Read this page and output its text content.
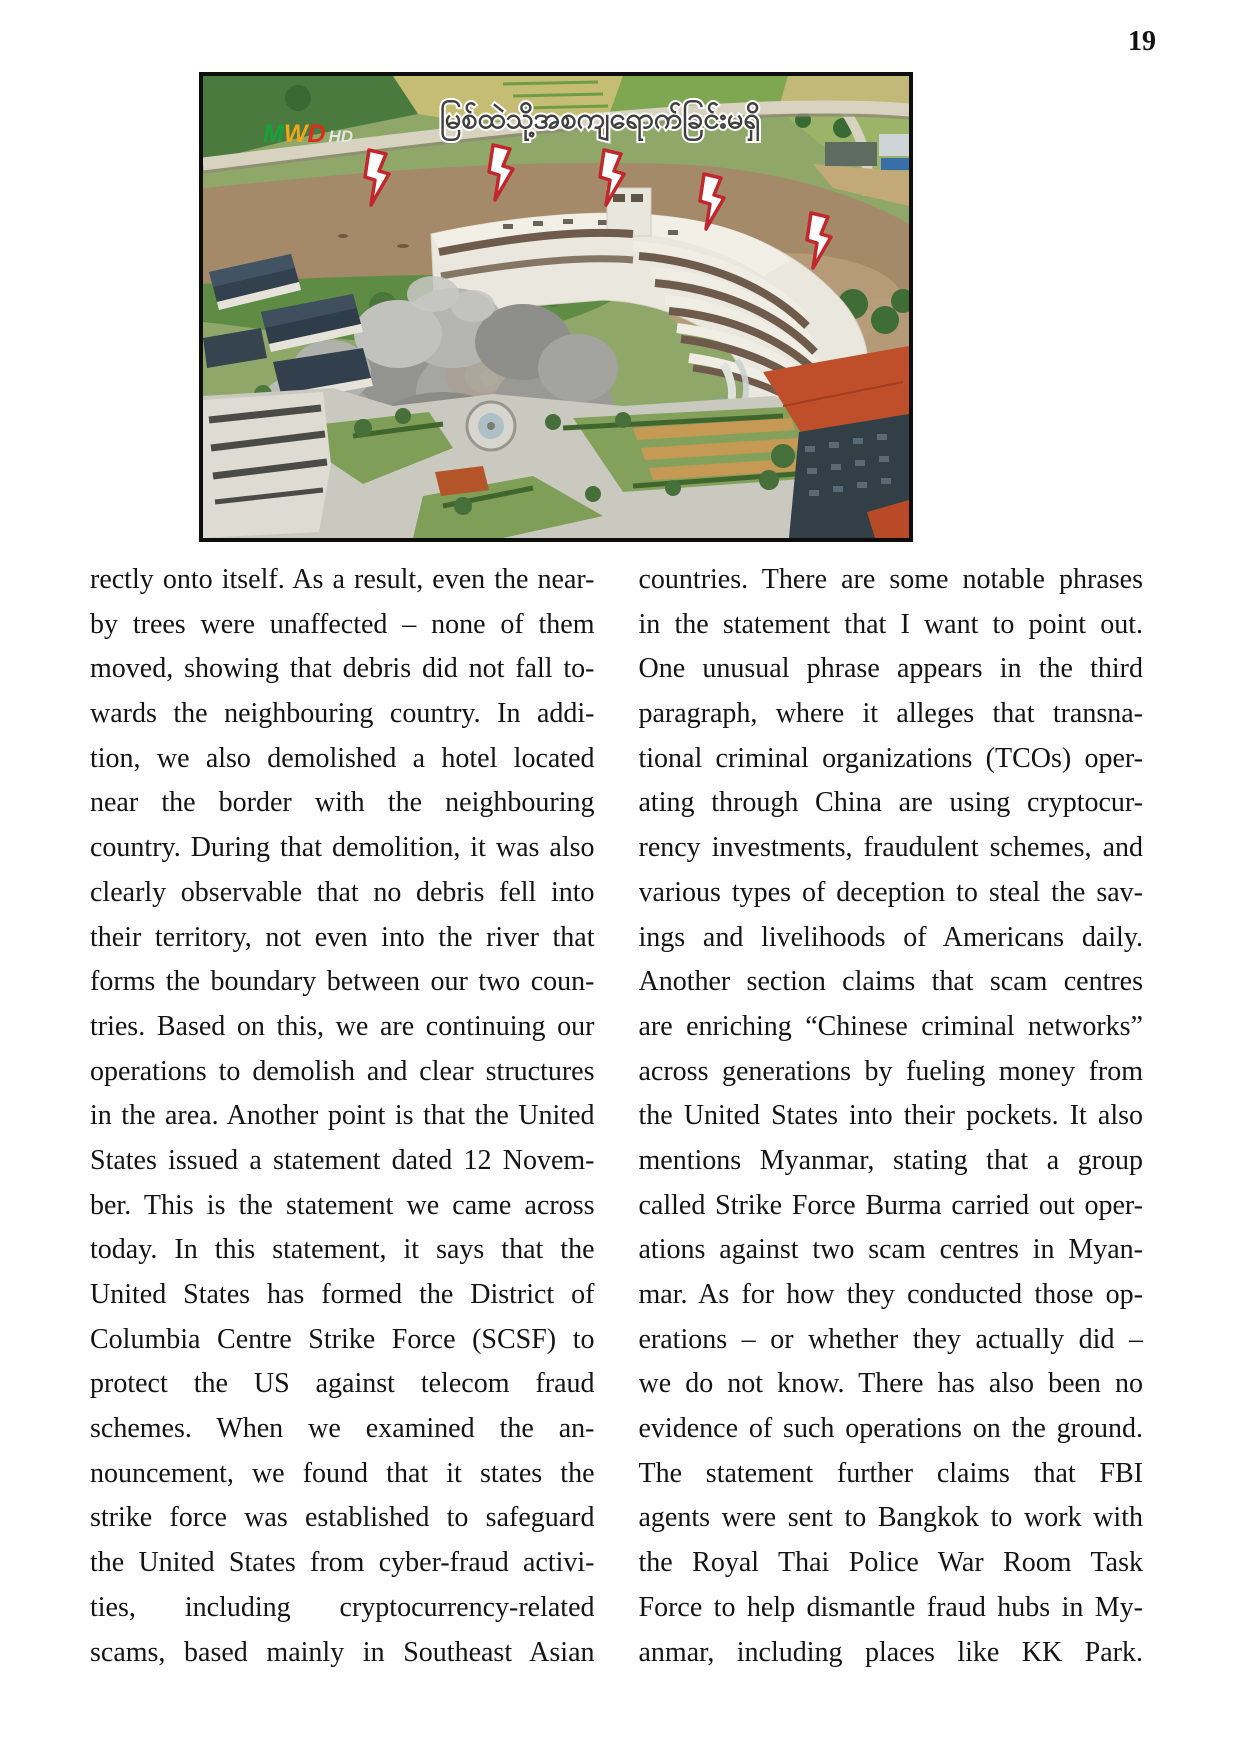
19
MWD HD
မြစ်ထဲသို့အစကျရောက်ခြင်းမရှိ
rectly onto itself. As a result, even the near-
by trees were unaffected – none of them
moved, showing that debris did not fall to-
wards the neighbouring country. In addi-
tion, we also demolished a hotel located
near the border with the neighbouring
country. During that demolition, it was also
clearly observable that no debris fell into
their territory, not even into the river that
forms the boundary between our two coun-
tries. Based on this, we are continuing our
operations to demolish and clear structures
in the area. Another point is that the United
States issued a statement dated 12 Novem-
ber. This is the statement we came across
today. In this statement, it says that the
United States has formed the District of
Columbia Centre Strike Force (SCSF) to
protect the US against telecom fraud
schemes. When we examined the an-
nouncement, we found that it states the
strike force was established to safeguard
the United States from cyber-fraud activi-
ties, including cryptocurrency-related
scams, based mainly in Southeast Asian
countries. There are some notable phrases
in the statement that I want to point out.
One unusual phrase appears in the third
paragraph, where it alleges that transna-
tional criminal organizations (TCOs) oper-
ating through China are using cryptocur-
rency investments, fraudulent schemes, and
various types of deception to steal the sav-
ings and livelihoods of Americans daily.
Another section claims that scam centres
are enriching “Chinese criminal networks”
across generations by fueling money from
the United States into their pockets. It also
mentions Myanmar, stating that a group
called Strike Force Burma carried out oper-
ations against two scam centres in Myan-
mar. As for how they conducted those op-
erations – or whether they actually did –
we do not know. There has also been no
evidence of such operations on the ground.
The statement further claims that FBI
agents were sent to Bangkok to work with
the Royal Thai Police War Room Task
Force to help dismantle fraud hubs in My-
anmar, including places like KK Park.
